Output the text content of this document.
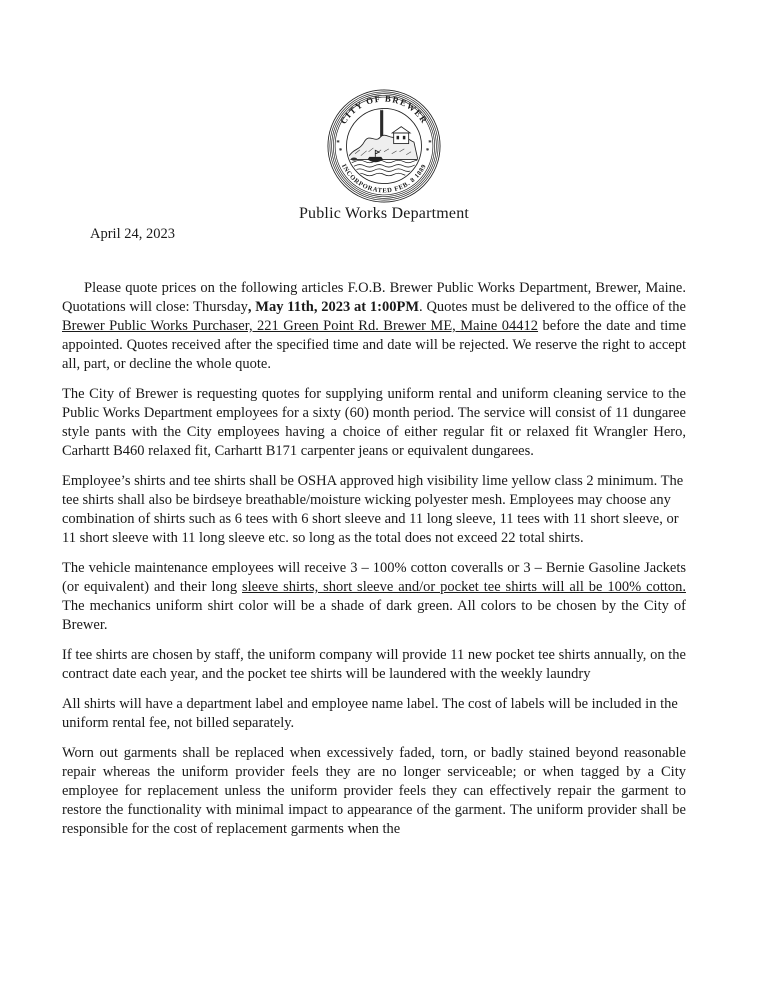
CITY OF BREWER
INCORPORATED FEB. 8 1889
*
*
*
*
Public Works Department
April 24, 2023

Please quote prices on the following articles F.O.B. Brewer Public Works Department, Brewer, Maine. Quotations will close: Thursday, May 11th, 2023 at 1:00PM. Quotes must be delivered to the office of the Brewer Public Works Purchaser, 221 Green Point Rd. Brewer ME, Maine 04412 before the date and time appointed. Quotes received after the specified time and date will be rejected. We reserve the right to accept all, part, or decline the whole quote.

The City of Brewer is requesting quotes for supplying uniform rental and uniform cleaning service to the Public Works Department employees for a sixty (60) month period. The service will consist of 11 dungaree style pants with the City employees having a choice of either regular fit or relaxed fit Wrangler Hero, Carhartt B460 relaxed fit, Carhartt B171 carpenter jeans or equivalent dungarees.

Employee’s shirts and tee shirts shall be OSHA approved high visibility lime yellow class 2 minimum. The tee shirts shall also be birdseye breathable/moisture wicking polyester mesh. Employees may choose any combination of shirts such as 6 tees with 6 short sleeve and 11 long sleeve, 11 tees with 11 short sleeve, or 11 short sleeve with 11 long sleeve etc. so long as the total does not exceed 22 total shirts.

The vehicle maintenance employees will receive 3 – 100% cotton coveralls or 3 – Bernie Gasoline Jackets (or equivalent) and their long sleeve shirts, short sleeve and/or pocket tee shirts will all be 100% cotton. The mechanics uniform shirt color will be a shade of dark green. All colors to be chosen by the City of Brewer.

If tee shirts are chosen by staff, the uniform company will provide 11 new pocket tee shirts annually, on the contract date each year, and the pocket tee shirts will be laundered with the weekly laundry

All shirts will have a department label and employee name label. The cost of labels will be included in the uniform rental fee, not billed separately.

Worn out garments shall be replaced when excessively faded, torn, or badly stained beyond reasonable repair whereas the uniform provider feels they are no longer serviceable; or when tagged by a City employee for replacement unless the uniform provider feels they can effectively repair the garment to restore the functionality with minimal impact to appearance of the garment. The uniform provider shall be responsible for the cost of replacement garments when the
